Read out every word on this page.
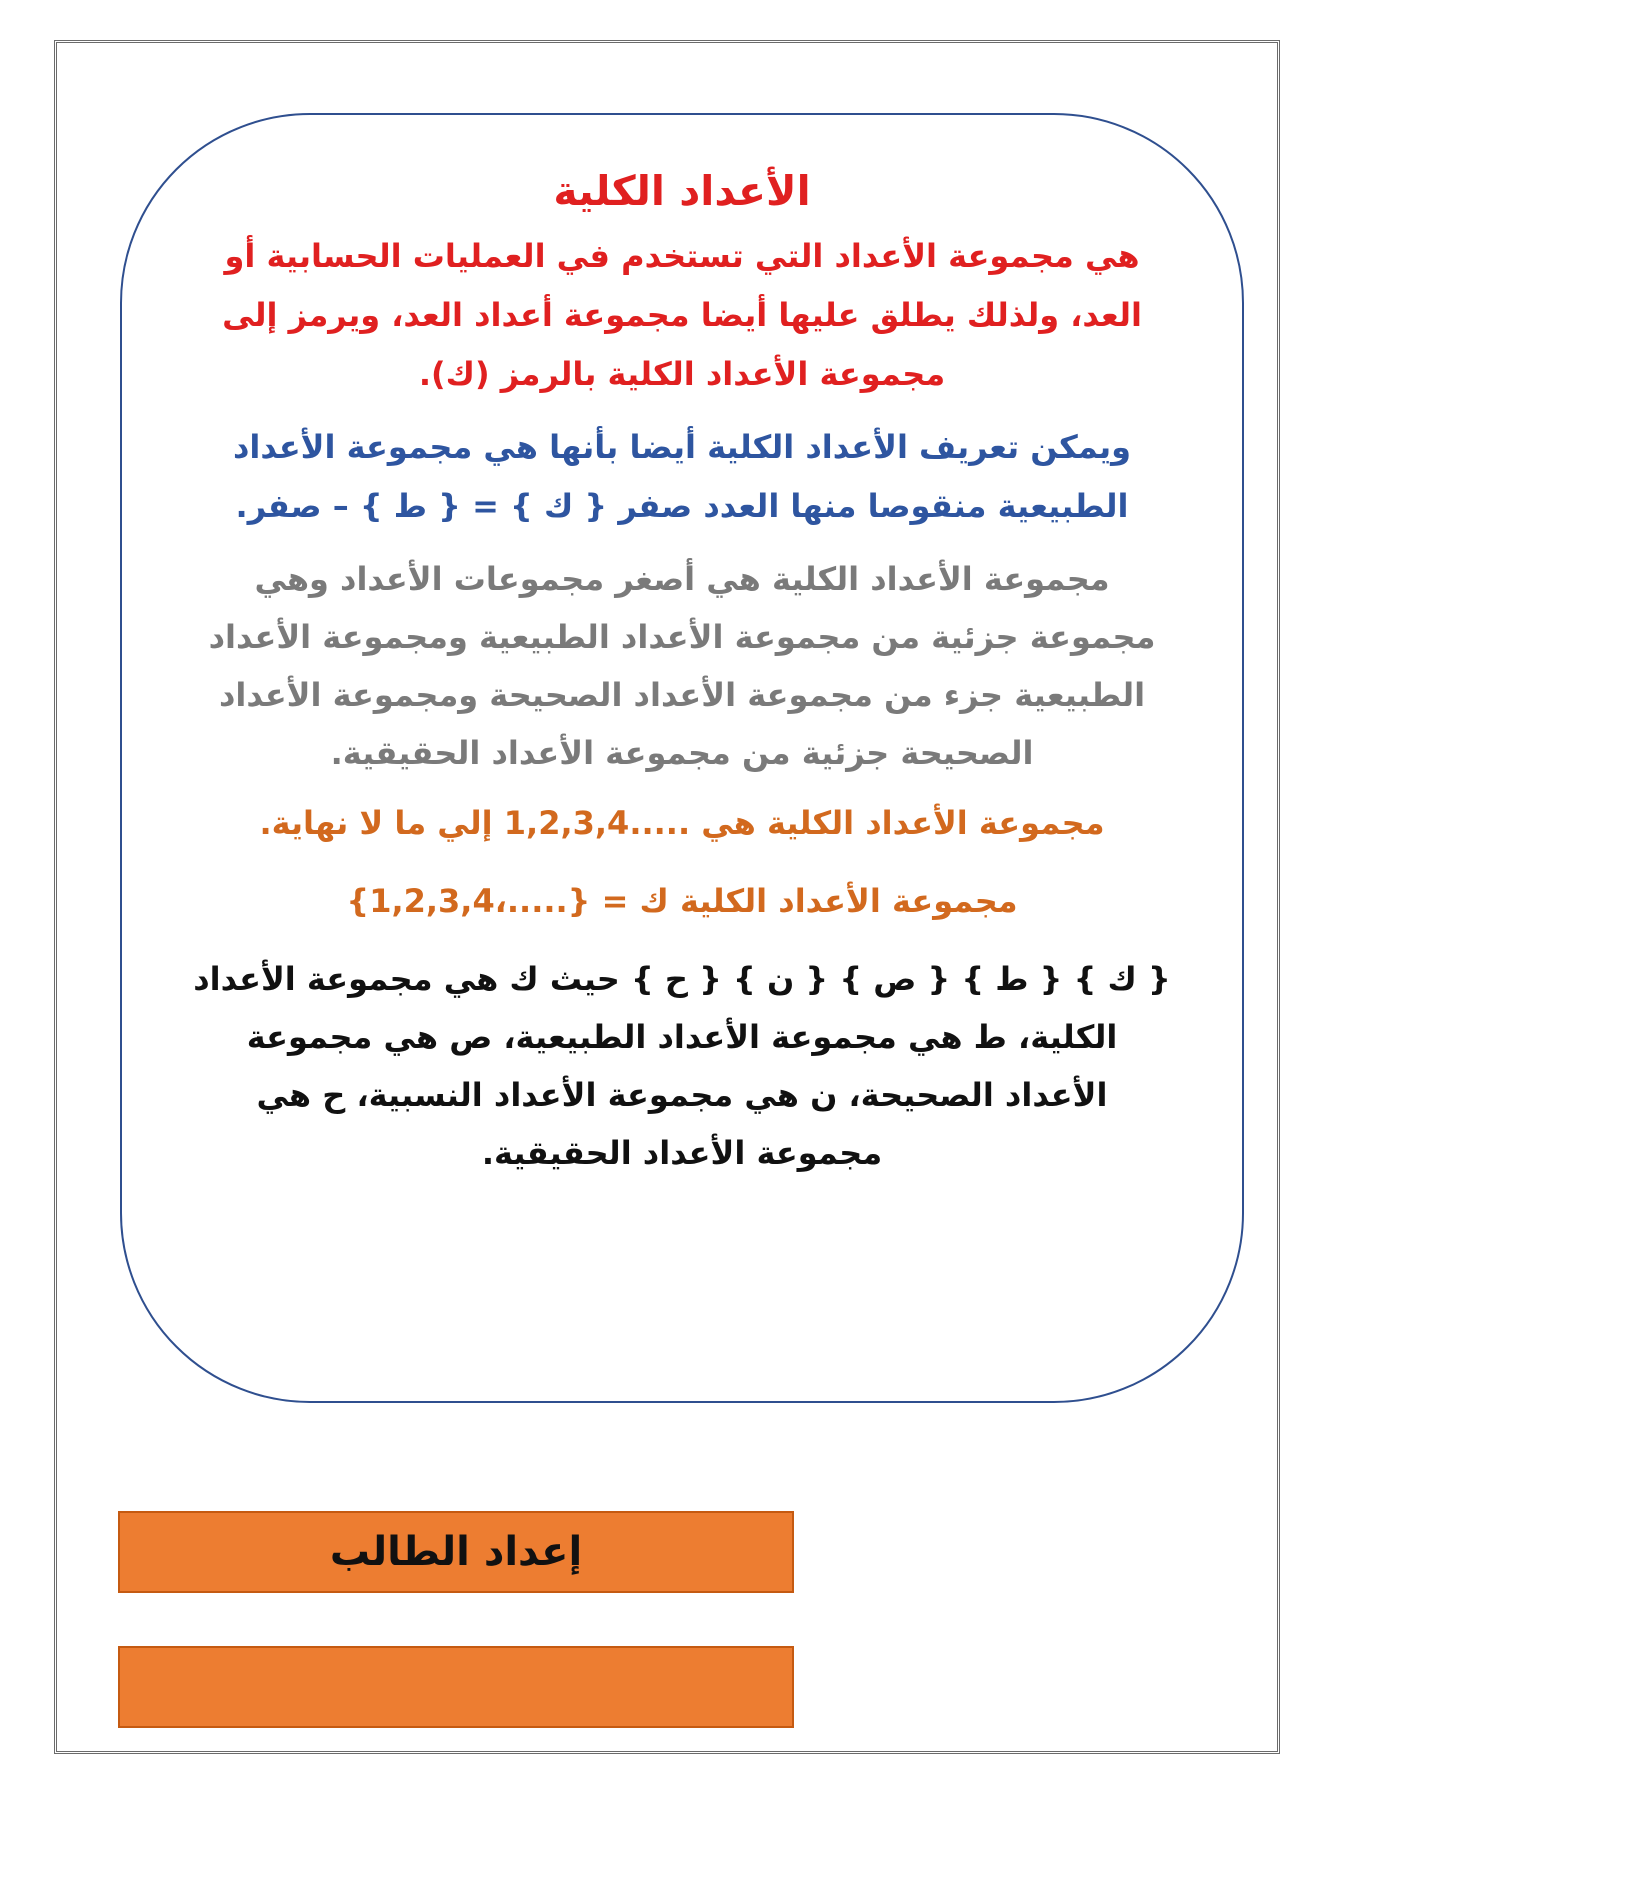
الأعداد الكلية

هي مجموعة الأعداد التي تستخدم في العمليات الحسابية أو العد، ولذلك يطلق عليها أيضا مجموعة أعداد العد، ويرمز إلى مجموعة الأعداد الكلية بالرمز (ك).

ويمكن تعريف الأعداد الكلية أيضا بأنها هي مجموعة الأعداد الطبيعية منقوصا منها العدد صفر { ك } = { ط } – صفر.

مجموعة الأعداد الكلية هي أصغر مجموعات الأعداد وهي مجموعة جزئية من مجموعة الأعداد الطبيعية ومجموعة الأعداد الطبيعية جزء من مجموعة الأعداد الصحيحة ومجموعة الأعداد الصحيحة جزئية من مجموعة الأعداد الحقيقية.

مجموعة الأعداد الكلية هي 1,2,3,4..... إلي ما لا نهاية.

مجموعة الأعداد الكلية ك = {1,2,3,4،.....}

{ ك } { ط } { ص } { ن } { ح } حيث ك هي مجموعة الأعداد الكلية، ط هي مجموعة الأعداد الطبيعية، ص هي مجموعة الأعداد الصحيحة، ن هي مجموعة الأعداد النسبية، ح هي مجموعة الأعداد الحقيقية.

إعداد الطالب
